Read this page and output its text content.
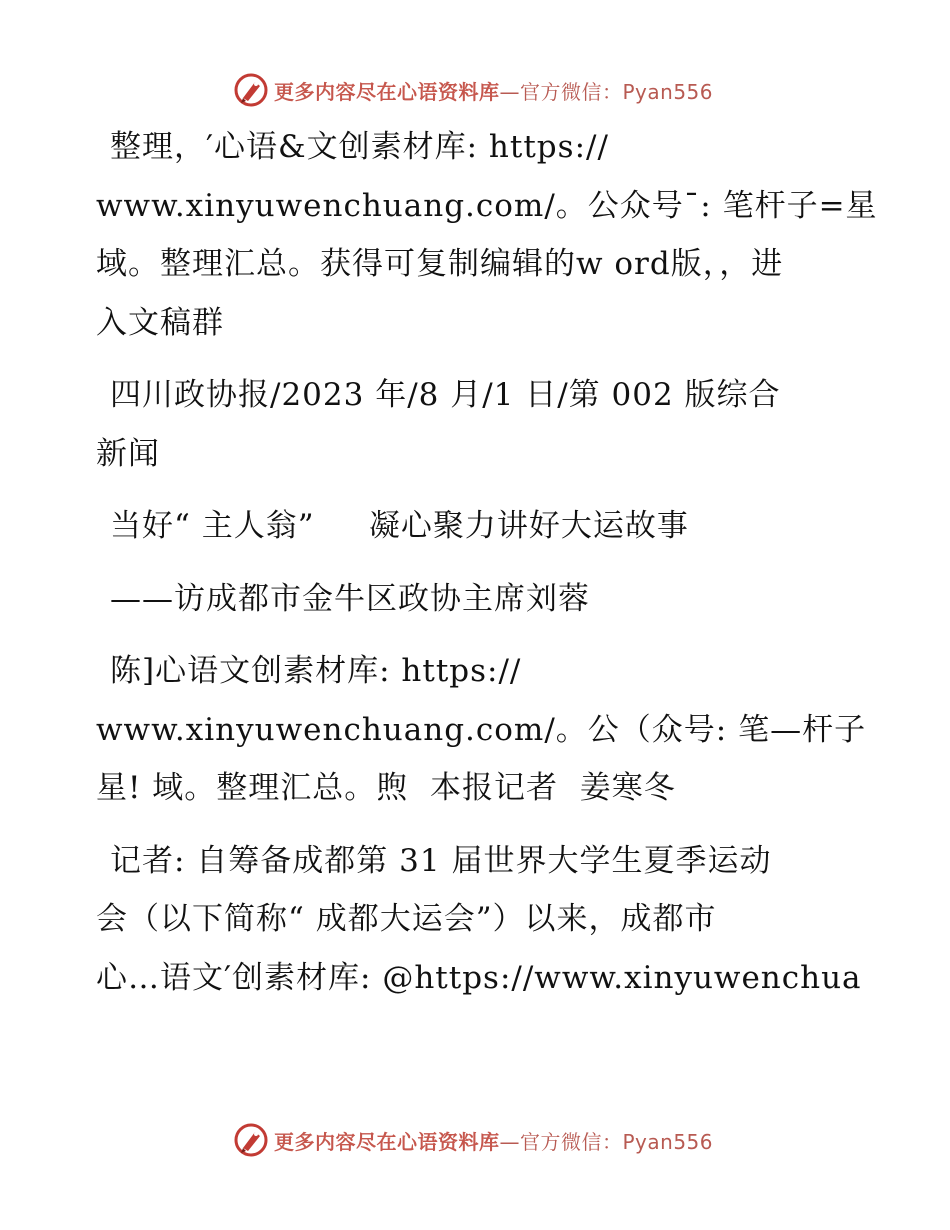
更多内容尽在心语资料库—官方微信：Pyan556
整理，′心语&文创素材库: https://
www.xinyuwenchuang.com/。公众号¯: 笔杆子=星
域。整理汇总。获得可复制编辑的w ord版，，进
入文稿群
四川政协报/2023 年/8 月/1 日/第 002 版综合
新闻
当好“ 主人翁”     凝心聚力讲好大运故事
——访成都市金牛区政协主席刘蓉
陈]心语文创素材库: https://
www.xinyuwenchuang.com/。公（众号: 笔—杆子
星! 域。整理汇总。煦  本报记者  姜寒冬
记者: 自筹备成都第 31 届世界大学生夏季运动
会（以下简称“ 成都大运会”）以来，成都市
心…语文′创素材库: @https://www.xinyuwenchua
更多内容尽在心语资料库—官方微信：Pyan556
